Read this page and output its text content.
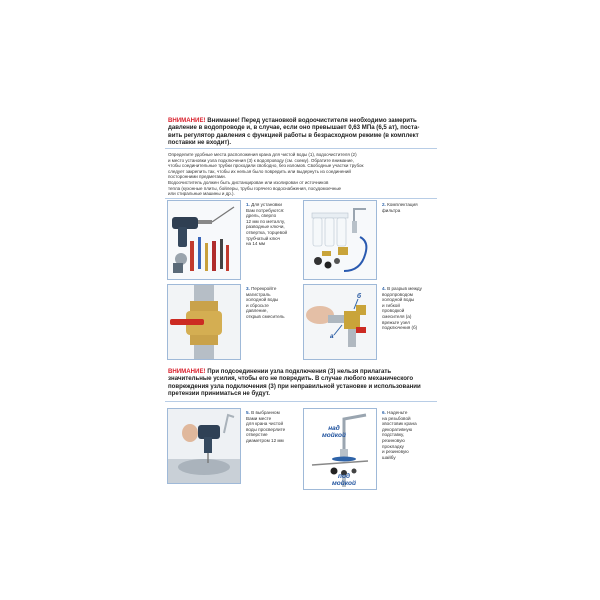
ВНИМАНИЕ! Внимание! Перед установкой водоочистителя необходимо замерить
давление в водопроводе и, в случае, если оно превышает 0,63 МПа (6,5 ат), поста-
вить регулятор давления с функцией работы в безрасходном режиме (в комплект
поставки не входит).
Определите удобные места расположения крана для чистой воды (1), водоочистителя (2)
и место установки узла подключения (3) к водопроводу (см. схему). Обратите внимание,
чтобы соединительные трубки проходили свободно, без изломов. Свободные участки трубок
следует закрепить так, чтобы их нельзя было повредить или выдернуть из соединений
посторонними предметами.
Водоочиститель должен быть дистанцирован или изолирован от источников
тепла (кухонные плиты, бойлеры, трубы горячего водоснабжения, посудомоечные
или стиральные машины и др.).

1. Для установки

Вам потребуются:

дрель, сверло

12 мм по металлу,

разводные ключи,

отвертка, торцевой

трубчатый ключ

на 14 мм

2. Комплектация

фильтра

3. Перекройте

магистраль

холодной воды

и сбросьте

давление,

открыв смеситель

а
б

4. В разрыв между

водопроводом

холодной воды

и гибкой

проводкой

смесителя (а)

врежьте узел

подключения (б)

ВНИМАНИЕ! При подсоединении узла подключения (3) нельзя прилагать
значительные усилия, чтобы его не повредить. В случае любого механического
повреждения узла подключения (3) при неправильной установке и использовании
претензии приниматься не будут.

5. В выбранном

Вами месте

для крана чистой

воды просверлите

отверстие

диаметром 12 мм

над
мойкой
под
мойкой

6. Наденьте

на резьбовой

хвостовик крана

декоративную

подставку,

резиновую

прокладку

и резиновую

шайбу
